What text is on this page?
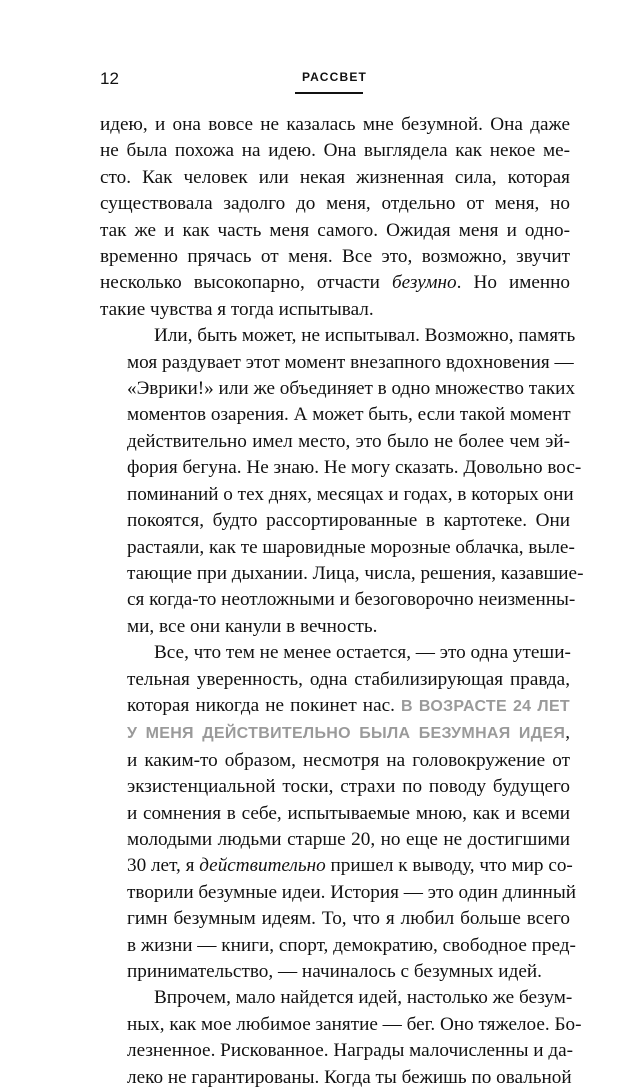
12	РАССВЕТ
идею, и она вовсе не казалась мне безумной. Она даже
не была похожа на идею. Она выглядела как некое ме-
сто. Как человек или некая жизненная сила, которая
существовала задолго до меня, отдельно от меня, но
так же и как часть меня самого. Ожидая меня и одно-
временно прячась от меня. Все это, возможно, звучит
несколько высокопарно, отчасти безумно. Но именно
такие чувства я тогда испытывал.
Или, быть может, не испытывал. Возможно, память
моя раздувает этот момент внезапного вдохновения —
«Эврики!» или же объединяет в одно множество таких
моментов озарения. А может быть, если такой момент
действительно имел место, это было не более чем эй-
фория бегуна. Не знаю. Не могу сказать. Довольно вос-
поминаний о тех днях, месяцах и годах, в которых они
покоятся, будто рассортированные в картотеке. Они
растаяли, как те шаровидные морозные облачка, выле-
тающие при дыхании. Лица, числа, решения, казавшие-
ся когда-то неотложными и безоговорочно неизменны-
ми, все они канули в вечность.
Все, что тем не менее остается, — это одна утеши-
тельная уверенность, одна стабилизирующая правда,
которая никогда не покинет нас. В ВОЗРАСТЕ 24 ЛЕТ
У МЕНЯ ДЕЙСТВИТЕЛЬНО БЫЛА БЕЗУМНАЯ ИДЕЯ,
и каким-то образом, несмотря на головокружение от
экзистенциальной тоски, страхи по поводу будущего
и сомнения в себе, испытываемые мною, как и всеми
молодыми людьми старше 20, но еще не достигшими
30 лет, я действительно пришел к выводу, что мир со-
творили безумные идеи. История — это один длинный
гимн безумным идеям. То, что я любил больше всего
в жизни — книги, спорт, демократию, свободное пред-
принимательство, — начиналось с безумных идей.
Впрочем, мало найдется идей, настолько же безум-
ных, как мое любимое занятие — бег. Оно тяжелое. Бо-
лезненное. Рискованное. Награды малочисленны и да-
леко не гарантированы. Когда ты бежишь по овальной
